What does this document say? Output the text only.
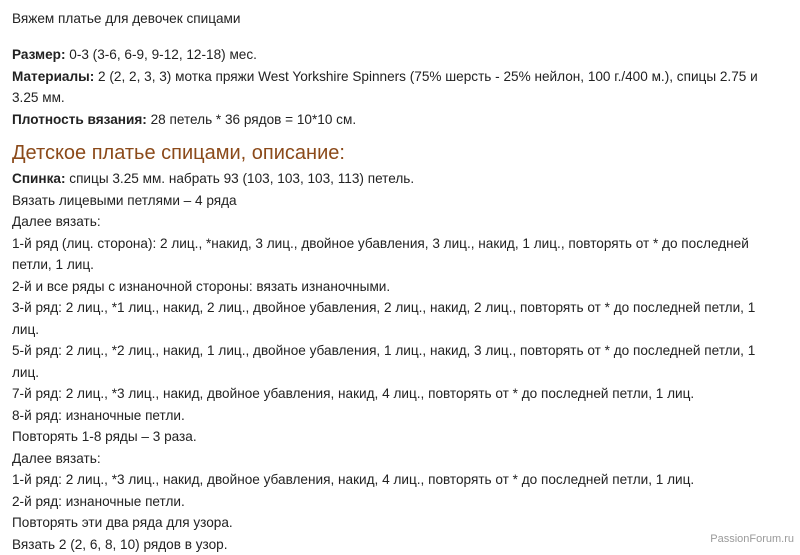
Вяжем платье для девочек спицами
Размер: 0-3 (3-6, 6-9, 9-12, 12-18) мес.
Материалы: 2 (2, 2, 3, 3) мотка пряжи West Yorkshire Spinners (75% шерсть - 25% нейлон, 100 г./400 м.), спицы 2.75 и 3.25 мм.
Плотность вязания: 28 петель * 36 рядов = 10*10 см.
Детское платье спицами, описание:
Спинка: спицы 3.25 мм. набрать 93 (103, 103, 103, 113) петель.
Вязать лицевыми петлями – 4 ряда
Далее вязать:
1-й ряд (лиц. сторона): 2 лиц., *накид, 3 лиц., двойное убавления, 3 лиц., накид, 1 лиц., повторять от * до последней петли, 1 лиц.
2-й и все ряды с изнаночной стороны: вязать изнаночными.
3-й ряд: 2 лиц., *1 лиц., накид, 2 лиц., двойное убавления, 2 лиц., накид, 2 лиц., повторять от * до последней петли, 1 лиц.
5-й ряд: 2 лиц., *2 лиц., накид, 1 лиц., двойное убавления, 1 лиц., накид, 3 лиц., повторять от * до последней петли, 1 лиц.
7-й ряд: 2 лиц., *3 лиц., накид, двойное убавления, накид, 4 лиц., повторять от * до последней петли, 1 лиц.
8-й ряд: изнаночные петли.
Повторять 1-8 ряды – 3 раза.
Далее вязать:
1-й ряд: 2 лиц., *3 лиц., накид, двойное убавления, накид, 4 лиц., повторять от * до последней петли, 1 лиц.
2-й ряд: изнаночные петли.
Повторять эти два ряда для узора.
Вязать 2 (2, 6, 8, 10) рядов в узор.	PassionForum.ru
